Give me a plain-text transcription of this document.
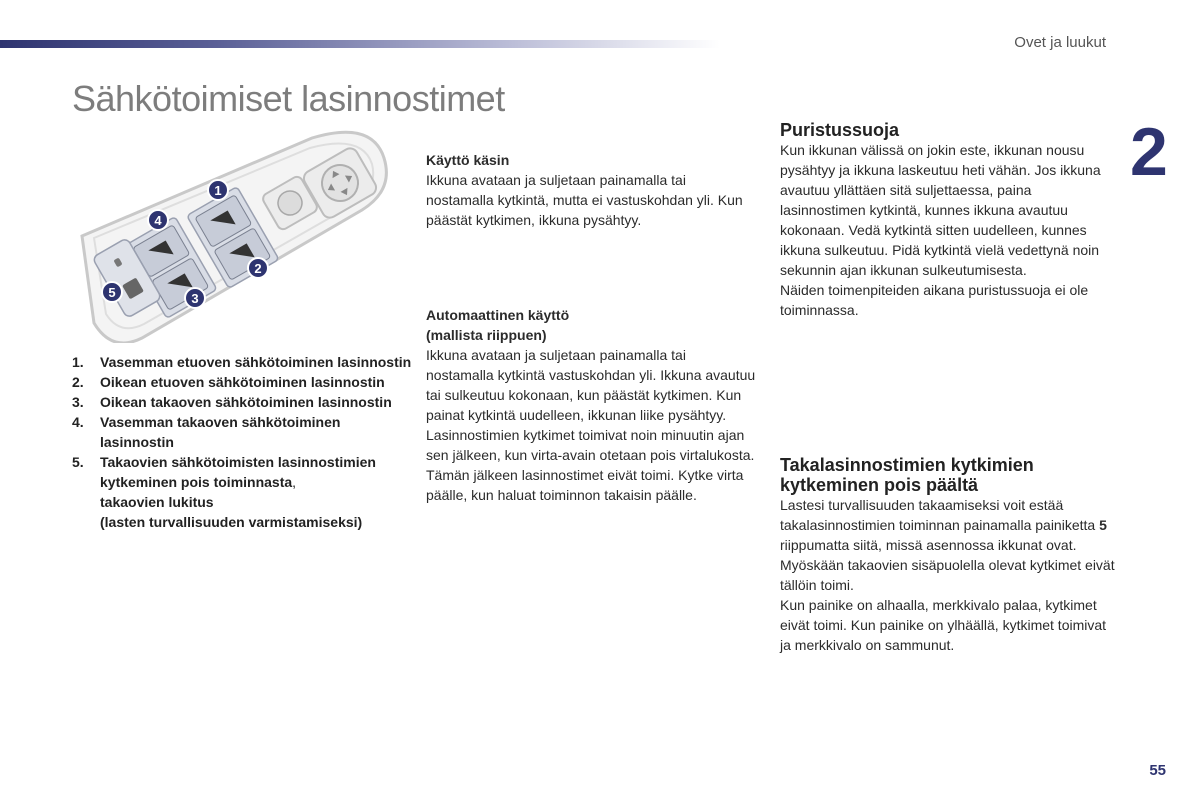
Ovet ja luukut
2
Sähkötoimiset lasinnostimet
1
2
3
4
5
1. Vasemman etuoven sähkötoiminen lasinnostin
2. Oikean etuoven sähkötoiminen lasinnostin
3. Oikean takaoven sähkötoiminen lasinnostin
4. Vasemman takaoven sähkötoiminen lasinnostin
5. Takaovien sähkötoimisten lasinnostimien kytkeminen pois toiminnasta,
takaovien lukitus
(lasten turvallisuuden varmistamiseksi)

Käyttö käsin

Ikkuna avataan ja suljetaan painamalla tai nostamalla kytkintä, mutta ei vastuskohdan yli. Kun päästät kytkimen, ikkuna pysähtyy.

Automaattinen käyttö

(mallista riippuen)

Ikkuna avataan ja suljetaan painamalla tai nostamalla kytkintä vastuskohdan yli. Ikkuna avautuu tai sulkeutuu kokonaan, kun päästät kytkimen. Kun painat kytkintä uudelleen, ikkunan liike pysähtyy.

Lasinnostimien kytkimet toimivat noin minuutin ajan sen jälkeen, kun virta-avain otetaan pois virtalukosta.

Tämän jälkeen lasinnostimet eivät toimi. Kytke virta päälle, kun haluat toiminnon takaisin päälle.

Puristussuoja

Kun ikkunan välissä on jokin este, ikkunan nousu pysähtyy ja ikkuna laskeutuu heti vähän. Jos ikkuna avautuu yllättäen sitä suljettaessa, paina lasinnostimen kytkintä, kunnes ikkuna avautuu kokonaan. Vedä kytkintä sitten uudelleen, kunnes ikkuna sulkeutuu. Pidä kytkintä vielä vedettynä noin sekunnin ajan ikkunan sulkeutumisesta.

Näiden toimenpiteiden aikana puristussuoja ei ole toiminnassa.

Takalasinnostimien kytkimien kytkeminen pois päältä

Lastesi turvallisuuden takaamiseksi voit estää takalasinnostimien toiminnan painamalla painiketta 5 riippumatta siitä, missä asennossa ikkunat ovat.

Myöskään takaovien sisäpuolella olevat kytkimet eivät tällöin toimi.

Kun painike on alhaalla, merkkivalo palaa, kytkimet eivät toimi. Kun painike on ylhäällä, kytkimet toimivat ja merkkivalo on sammunut.

55
